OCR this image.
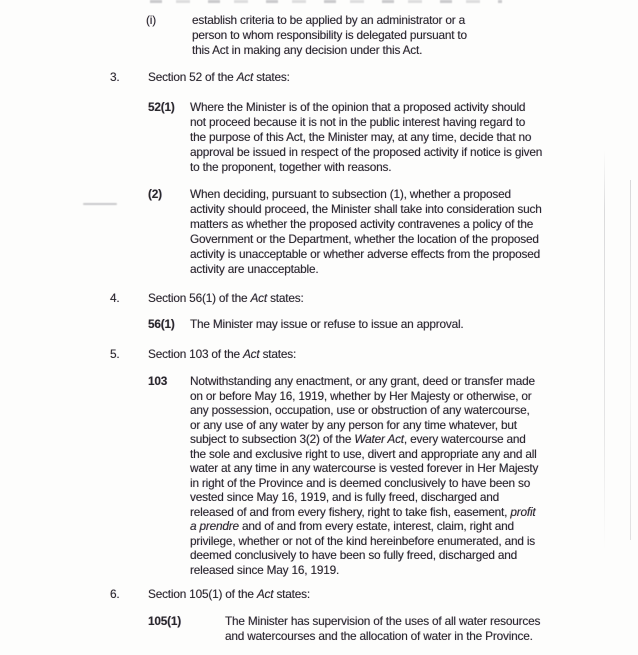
(i)	establish criteria to be applied by an administrator or a
person to whom responsibility is delegated pursuant to
this Act in making any decision under this Act.
3. Section 52 of the Act states:
52(1) Where the Minister is of the opinion that a proposed activity should
not proceed because it is not in the public interest having regard to
the purpose of this Act, the Minister may, at any time, decide that no
approval be issued in respect of the proposed activity if notice is given
to the proponent, together with reasons.
(2) When deciding, pursuant to subsection (1), whether a proposed
activity should proceed, the Minister shall take into consideration such
matters as whether the proposed activity contravenes a policy of the
Government or the Department, whether the location of the proposed
activity is unacceptable or whether adverse effects from the proposed
activity are unacceptable.
4. Section 56(1) of the Act states:
56(1) The Minister may issue or refuse to issue an approval.
5. Section 103 of the Act states:
103 Notwithstanding any enactment, or any grant, deed or transfer made
on or before May 16, 1919, whether by Her Majesty or otherwise, or
any possession, occupation, use or obstruction of any watercourse,
or any use of any water by any person for any time whatever, but
subject to subsection 3(2) of the Water Act, every watercourse and
the sole and exclusive right to use, divert and appropriate any and all
water at any time in any watercourse is vested forever in Her Majesty
in right of the Province and is deemed conclusively to have been so
vested since May 16, 1919, and is fully freed, discharged and
released of and from every fishery, right to take fish, easement, profit
a prendre and of and from every estate, interest, claim, right and
privilege, whether or not of the kind hereinbefore enumerated, and is
deemed conclusively to have been so fully freed, discharged and
released since May 16, 1919.
6. Section 105(1) of the Act states:
105(1)	The Minister has supervision of the uses of all water resources
and watercourses and the allocation of water in the Province.
